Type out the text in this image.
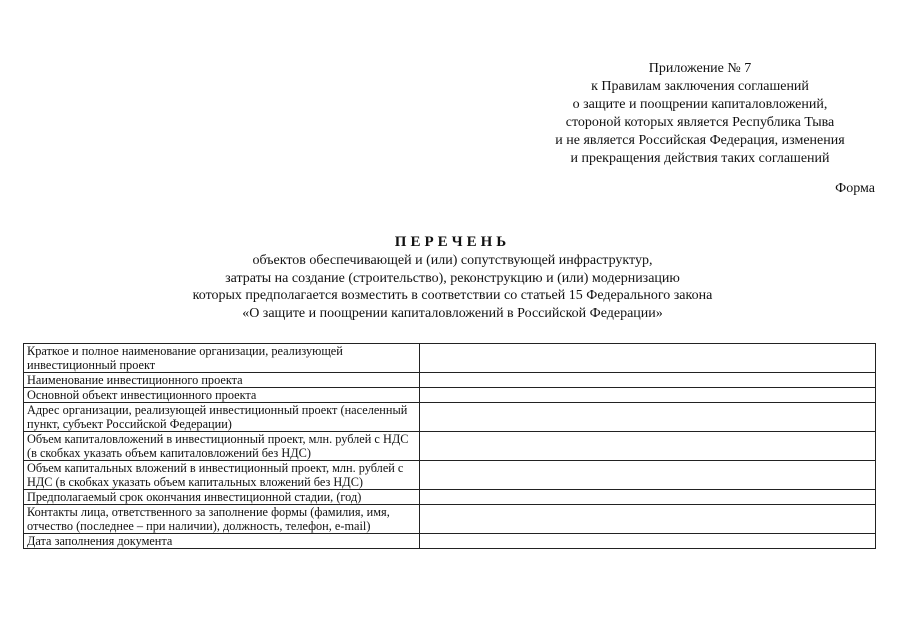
Приложение № 7
к Правилам заключения соглашений
о защите и поощрении капиталовложений,
стороной которых является Республика Тыва
и не является Российская Федерация, изменения
и прекращения действия таких соглашений
Форма
ПЕРЕЧЕНЬ
объектов обеспечивающей и (или) сопутствующей инфраструктур,
затраты на создание (строительство), реконструкцию и (или) модернизацию
которых предполагается возместить в соответствии со статьей 15 Федерального закона
«О защите и поощрении капиталовложений в Российской Федерации»
Краткое и полное наименование организации, реализующей инвестиционный проект	
Наименование инвестиционного проекта	
Основной объект инвестиционного проекта	
Адрес организации, реализующей инвестиционный проект (населенный пункт, субъект Российской Федерации)	
Объем капиталовложений в инвестиционный проект, млн. рублей с НДС (в скобках указать объем капиталовложений без НДС)	
Объем капитальных вложений в инвестиционный проект, млн. рублей с НДС (в скобках указать объем капитальных вложений без НДС)	
Предполагаемый срок окончания инвестиционной стадии, (год)	
Контакты лица, ответственного за заполнение формы (фамилия, имя, отчество (последнее – при наличии), должность, телефон, e-mail)	
Дата заполнения документа	
